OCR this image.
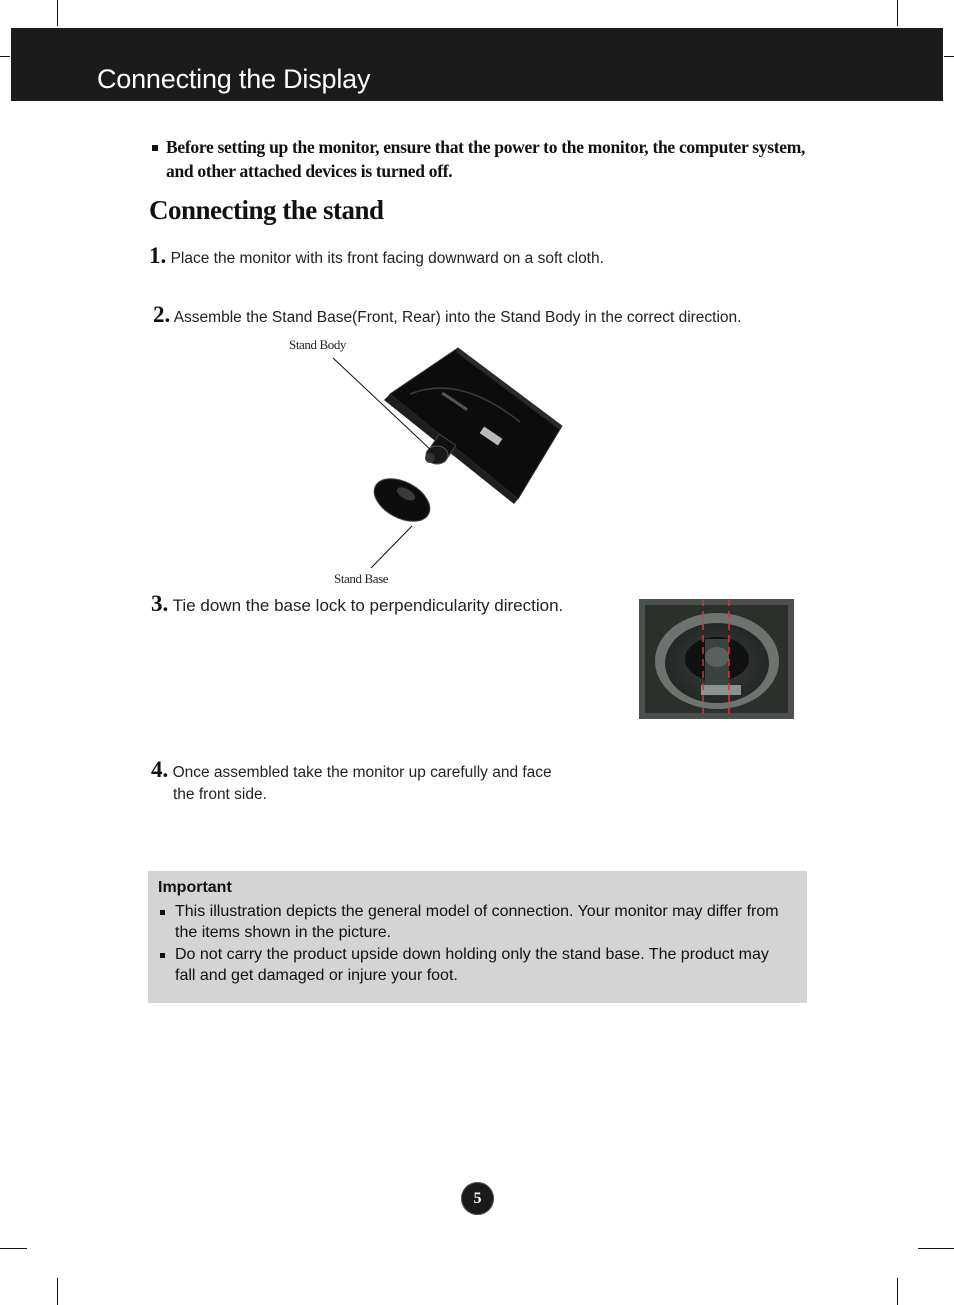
Connecting the Display
Before setting up the monitor, ensure that the power to the monitor, the computer system, and other attached devices is turned off.
Connecting the stand
1. Place the monitor with its front facing downward on a soft cloth.
2. Assemble the Stand Base(Front, Rear) into the Stand Body in the correct direction.
Stand Body
Stand Base
3. Tie down the base lock to perpendicularity direction.
4. Once assembled take the monitor up carefully and face
the front side.
Important
This illustration depicts the general model of connection. Your monitor may differ from the items shown in the picture.
Do not carry the product upside down holding only the stand base. The product may fall and get damaged or injure your foot.
5
